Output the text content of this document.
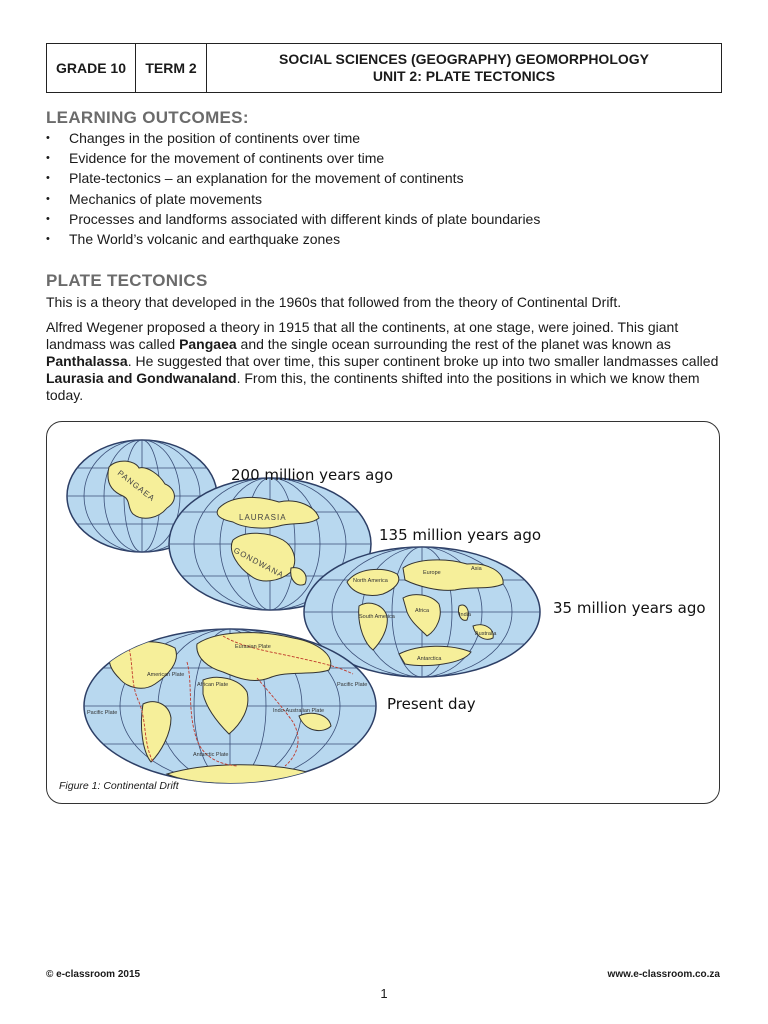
GRADE 10	TERM 2
SOCIAL SCIENCES (GEOGRAPHY) GEOMORPHOLOGY
UNIT 2: PLATE TECTONICS
LEARNING OUTCOMES:
• Changes in the position of continents over time
• Evidence for the movement of continents over time
• Plate-tectonics – an explanation for the movement of continents
• Mechanics of plate movements
• Processes and landforms associated with different kinds of plate boundaries
• The World’s volcanic and earthquake zones
PLATE TECTONICS

This is a theory that developed in the 1960s that followed from the theory of Continental Drift.

Alfred Wegener proposed a theory in 1915 that all the continents, at one stage, were joined. This giant landmass was called Pangaea and the single ocean surrounding the rest of the planet was known as Panthalassa. He suggested that over time, this super continent broke up into two smaller landmasses called Laurasia and Gondwanaland. From this, the continents shifted into the positions in which we know them today.

PANGAEA
LAURASIA
GONDWANA
North America
Europe
Asia
South America
Africa
India
Australia
Antarctica
Eurasian Plate
American Plate
African Plate
Pacific Plate
Pacific Plate
Indo-Australian Plate
Antarctic Plate
200 million years ago
135 million years ago
35 million years ago
Present day
Figure 1: Continental Drift
© e-classroom 2015	www.e-classroom.co.za
1
